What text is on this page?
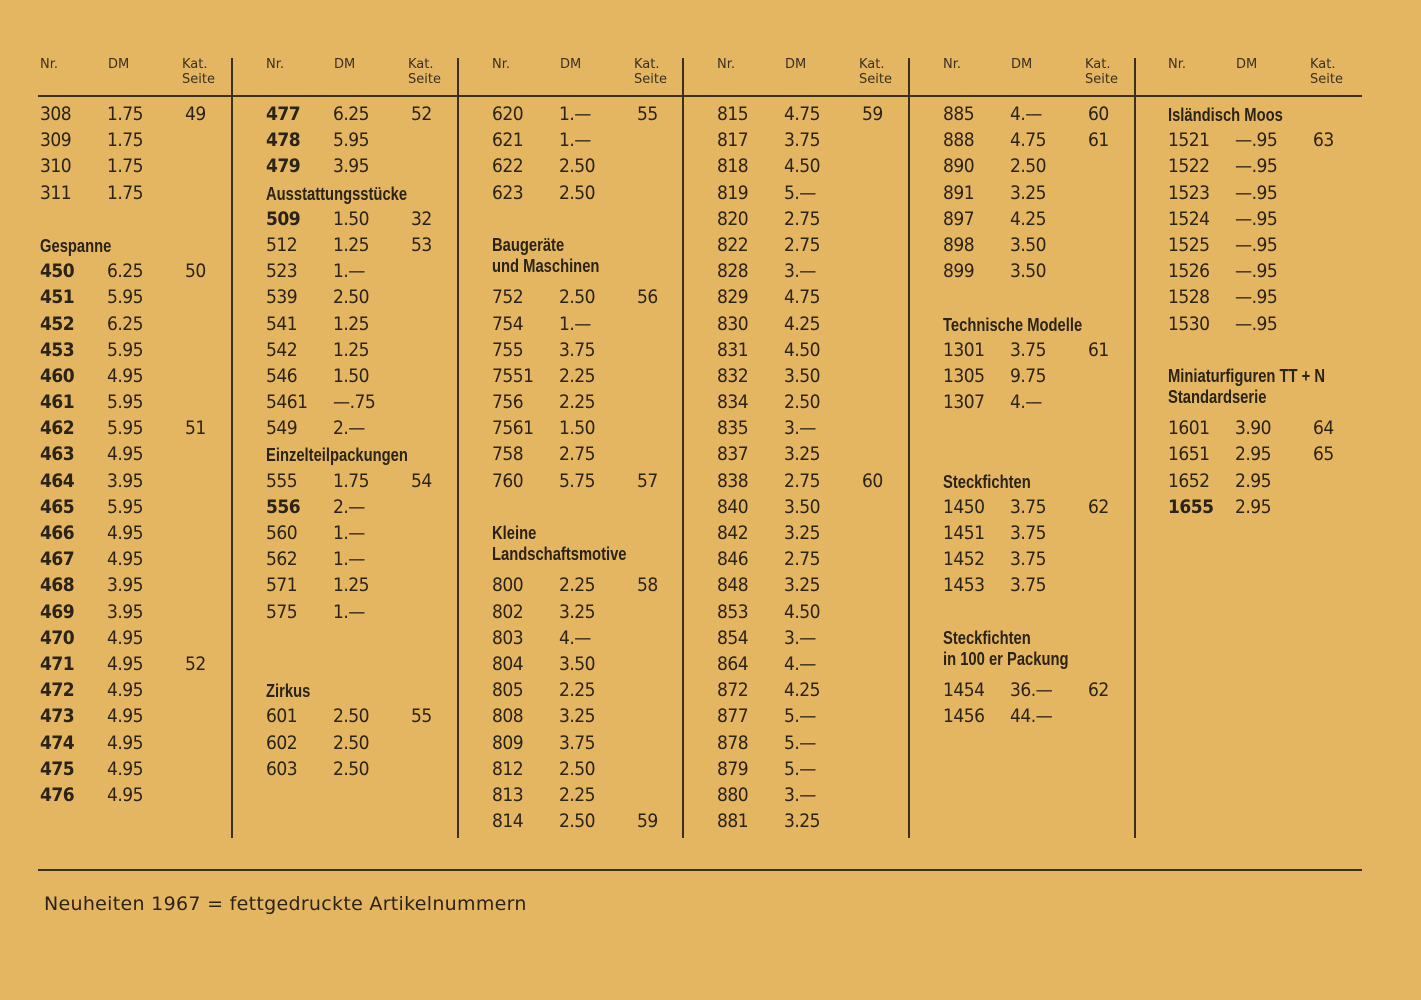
Neuheiten 1967 = fettgedruckte Artikelnummern
Nr.	DM	Kat.
Seite
308 1.75 49
309 1.75
310 1.75
311 1.75
Gespanne
450 6.25 50
451 5.95
452 6.25
453 5.95
460 4.95
461 5.95
462 5.95 51
463 4.95
464 3.95
465 5.95
466 4.95
467 4.95
468 3.95
469 3.95
470 4.95
471 4.95 52
472 4.95
473 4.95
474 4.95
475 4.95
476 4.95
Nr.	DM	Kat.
Seite
477 6.25 52
478 5.95
479 3.95
Ausstattungsstücke
509 1.50 32
512 1.25 53
523 1.—
539 2.50
541 1.25
542 1.25
546 1.50
5461 —.75
549 2.—
Einzelteilpackungen
555 1.75 54
556 2.—
560 1.—
562 1.—
571 1.25
575 1.—
Zirkus
601 2.50 55
602 2.50
603 2.50
Nr.	DM	Kat.
Seite
620 1.— 55
621 1.—
622 2.50
623 2.50
Baugeräte
und Maschinen
752 2.50 56
754 1.—
755 3.75
7551 2.25
756 2.25
7561 1.50
758 2.75
760 5.75 57
Kleine
Landschaftsmotive
800 2.25 58
802 3.25
803 4.—
804 3.50
805 2.25
808 3.25
809 3.75
812 2.50
813 2.25
814 2.50 59
Nr.	DM	Kat.
Seite
815 4.75 59
817 3.75
818 4.50
819 5.—
820 2.75
822 2.75
828 3.—
829 4.75
830 4.25
831 4.50
832 3.50
834 2.50
835 3.—
837 3.25
838 2.75 60
840 3.50
842 3.25
846 2.75
848 3.25
853 4.50
854 3.—
864 4.—
872 4.25
877 5.—
878 5.—
879 5.—
880 3.—
881 3.25
Nr.	DM	Kat.
Seite
885 4.— 60
888 4.75 61
890 2.50
891 3.25
897 4.25
898 3.50
899 3.50
Technische Modelle
1301 3.75 61
1305 9.75
1307 4.—
Steckfichten
1450 3.75 62
1451 3.75
1452 3.75
1453 3.75
Steckfichten
in 100 er Packung
1454 36.— 62
1456 44.—
Nr.	DM	Kat.
Seite
Isländisch Moos
1521 —.95 63
1522 —.95
1523 —.95
1524 —.95
1525 —.95
1526 —.95
1528 —.95
1530 —.95
Miniaturfiguren TT + N
Standardserie
1601 3.90 64
1651 2.95 65
1652 2.95
1655 2.95
